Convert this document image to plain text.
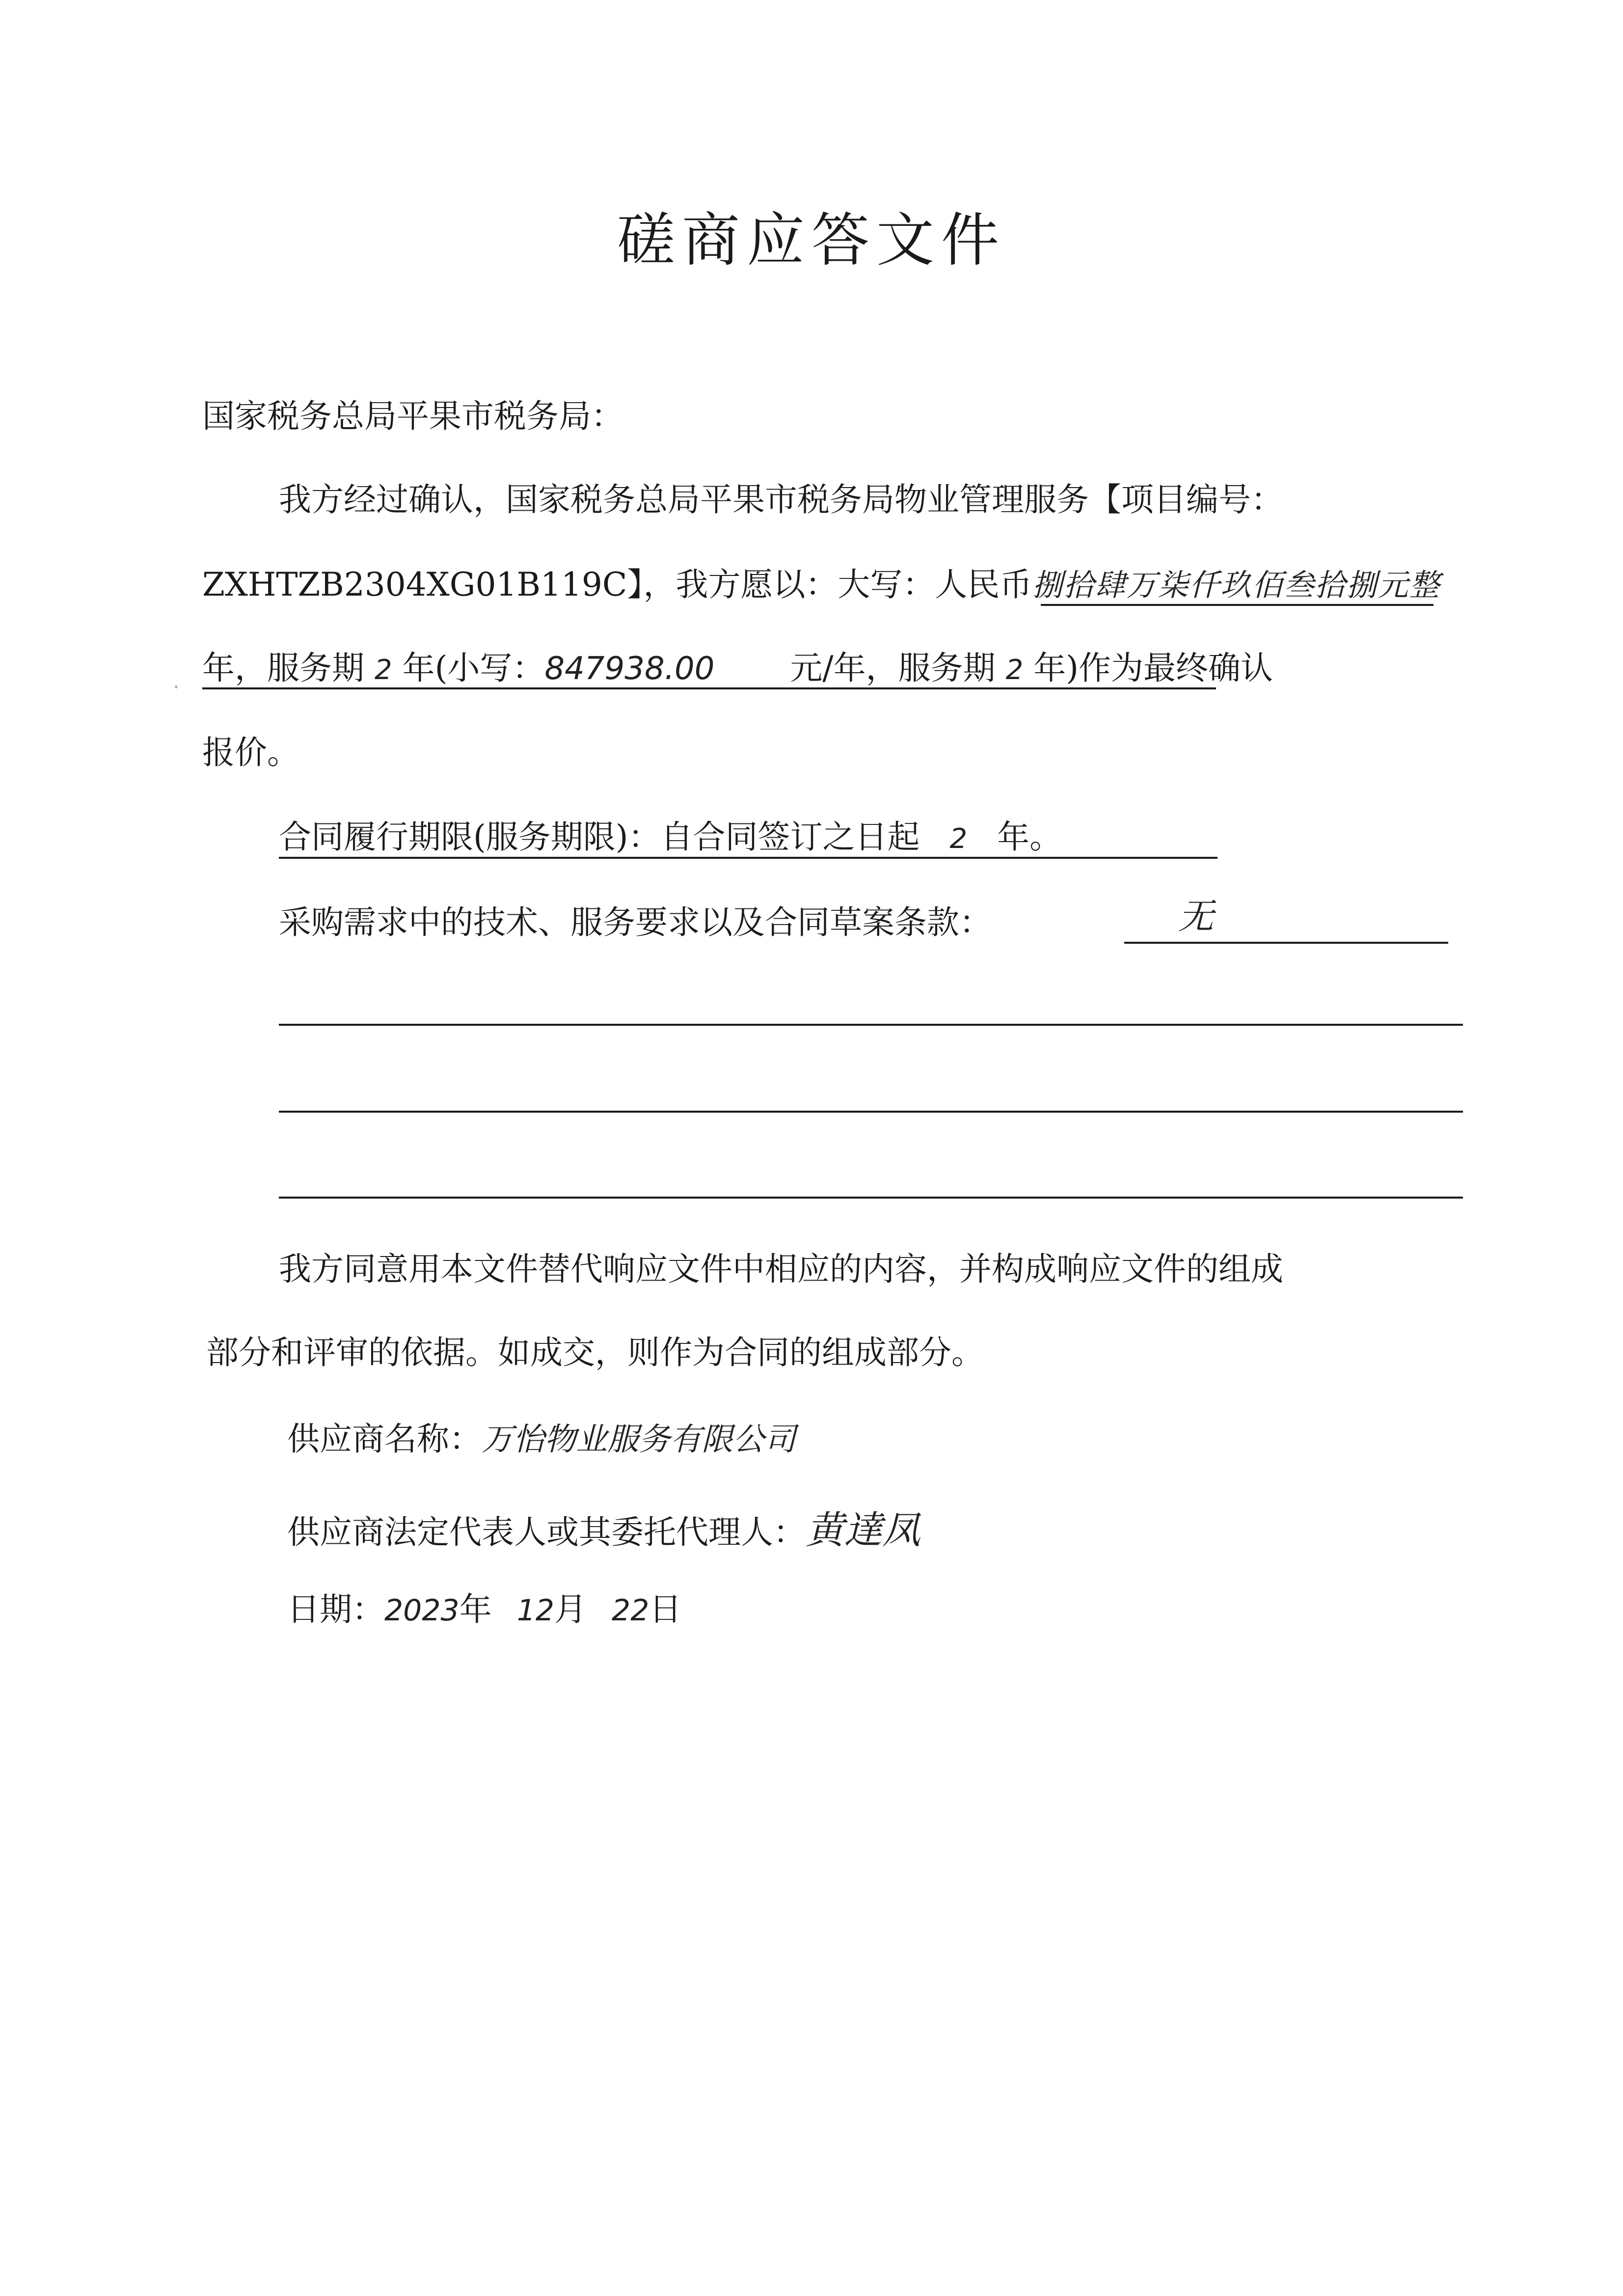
磋商应答文件
国家税务总局平果市税务局：
我方经过确认，国家税务总局平果市税务局物业管理服务【项目编号：
ZXHTZB2304XG01B119C】，我方愿以：大写：人民币捌拾肆万柒仟玖佰叁拾捌元整
年，服务期 2 年(小写：847938.00 元/年，服务期 2 年)作为最终确认
报价。
合同履行期限(服务期限)：自合同签订之日起 2 年。
采购需求中的技术、服务要求以及合同草案条款：	无
我方同意用本文件替代响应文件中相应的内容，并构成响应文件的组成
部分和评审的依据。如成交，则作为合同的组成部分。
供应商名称：万怡物业服务有限公司
供应商法定代表人或其委托代理人：黄達凤
日期：2023年 12月 22日
